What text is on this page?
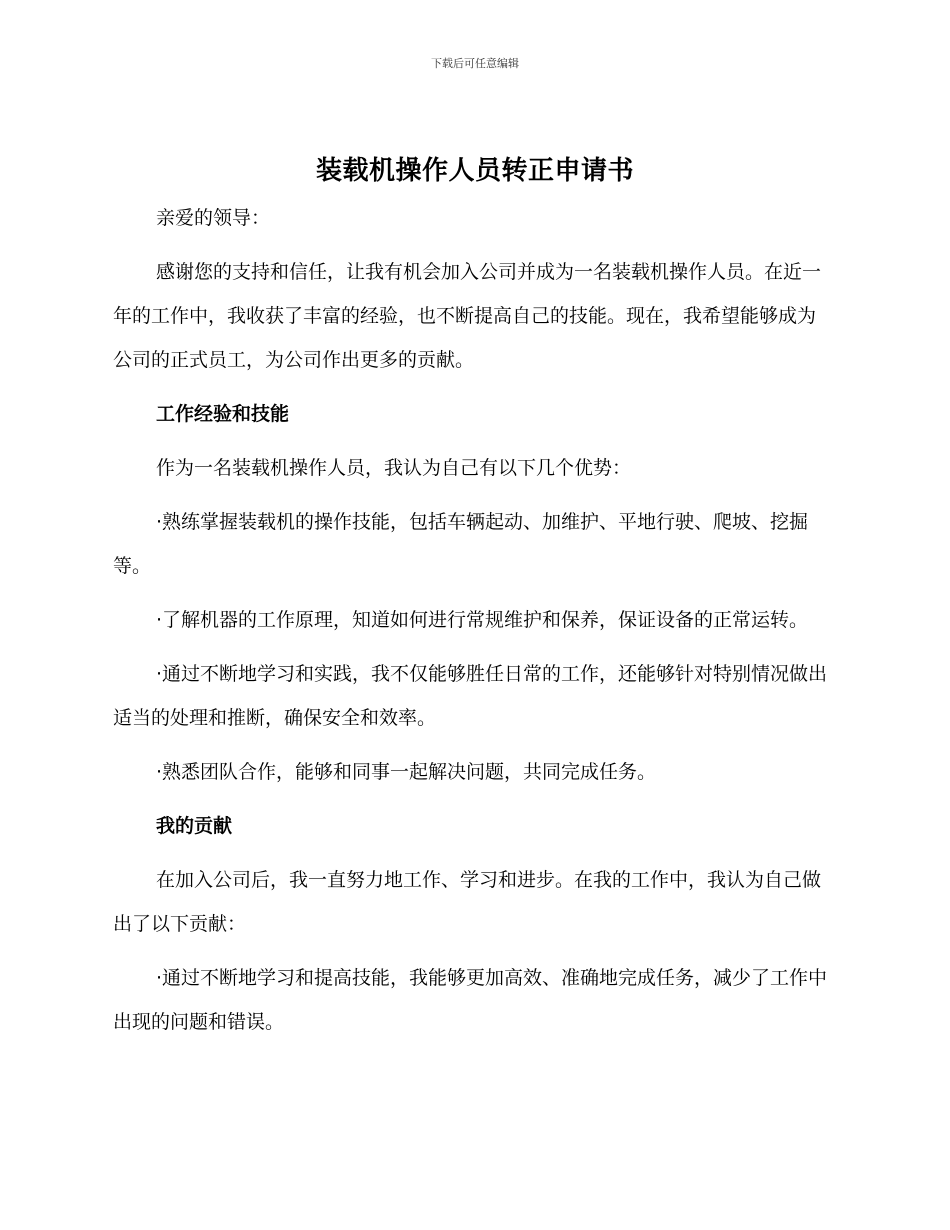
下载后可任意编辑
装载机操作人员转正申请书

亲爱的领导：

感谢您的支持和信任，让我有机会加入公司并成为一名装载机操作人员。在近一年的工作中，我收获了丰富的经验，也不断提高自己的技能。现在，我希望能够成为公司的正式员工，为公司作出更多的贡献。

工作经验和技能

作为一名装载机操作人员，我认为自己有以下几个优势：

·熟练掌握装载机的操作技能，包括车辆起动、加维护、平地行驶、爬坡、挖掘等。

·了解机器的工作原理，知道如何进行常规维护和保养，保证设备的正常运转。

·通过不断地学习和实践，我不仅能够胜任日常的工作，还能够针对特别情况做出适当的处理和推断，确保安全和效率。

·熟悉团队合作，能够和同事一起解决问题，共同完成任务。

我的贡献

在加入公司后，我一直努力地工作、学习和进步。在我的工作中，我认为自己做出了以下贡献：

·通过不断地学习和提高技能，我能够更加高效、准确地完成任务，减少了工作中出现的问题和错误。
